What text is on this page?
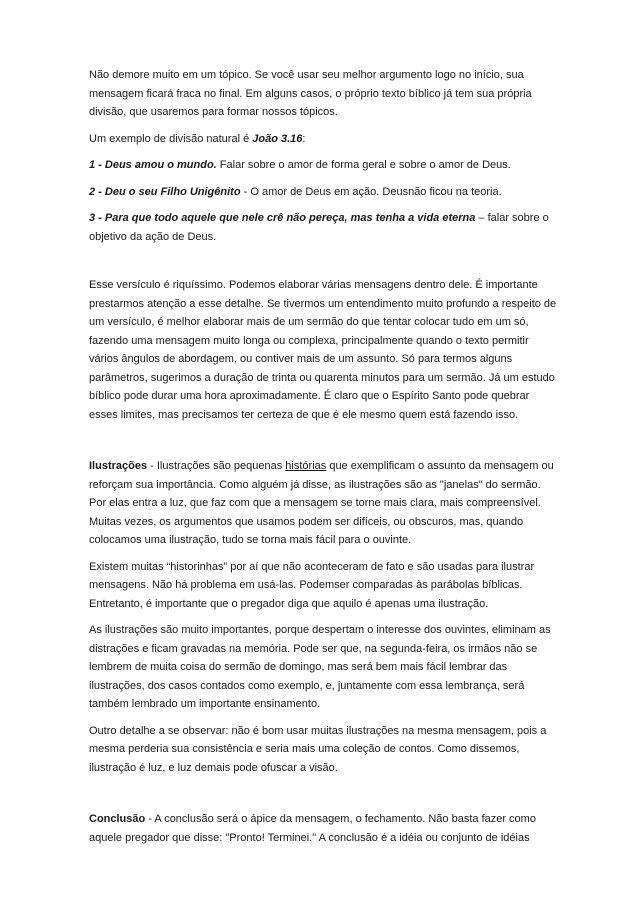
Não demore muito em um tópico. Se você usar seu melhor argumento logo no início, sua mensagem ficará fraca no final. Em alguns casos, o próprio texto bíblico já tem sua própria divisão, que usaremos para formar nossos tópicos.

Um exemplo de divisão natural é João 3.16:

1 - Deus amou o mundo. Falar sobre o amor de forma geral e sobre o amor de Deus.

2 - Deu o seu Filho Unigênito - O amor de Deus em ação. Deusnão ficou na teoria.

3 - Para que todo aquele que nele crê não pereça, mas tenha a vida eterna – falar sobre o objetivo da ação de Deus.

Esse versículo é riquíssimo. Podemos elaborar várias mensagens dentro dele. É importante prestarmos atenção a esse detalhe. Se tivermos um entendimento muito profundo a respeito de um versículo, é melhor elaborar mais de um sermão do que tentar colocar tudo em um só, fazendo uma mensagem muito longa ou complexa, principalmente quando o texto permitir vários ângulos de abordagem, ou contiver mais de um assunto. Só para termos alguns parâmetros, sugerimos a duração de trinta ou quarenta minutos para um sermão. Já um estudo bíblico pode durar uma hora aproximadamente. É claro que o Espírito Santo pode quebrar esses limites, mas precisamos ter certeza de que é ele mesmo quem está fazendo isso.

Ilustrações - Ilustrações são pequenas histórias que exemplificam o assunto da mensagem ou reforçam sua importância. Como alguém já disse, as ilustrações são as "janelas" do sermão. Por elas entra a luz, que faz com que a mensagem se torne mais clara, mais compreensível. Muitas vezes, os argumentos que usamos podem ser difíceis, ou obscuros, mas, quando colocamos uma ilustração, tudo se torna mais fácil para o ouvinte.

Existem muitas “historinhas” por aí que não aconteceram de fato e são usadas para ilustrar mensagens. Não há problema em usá-las. Podemser comparadas às parábolas bíblicas. Entretanto, é importante que o pregador diga que aquilo é apenas uma ilustração.

As ilustrações são muito importantes, porque despertam o interesse dos ouvintes, eliminam as distrações e ficam gravadas na memória. Pode ser que, na segunda-feira, os irmãos não se lembrem de muita coisa do sermão de domingo, mas será bem mais fácil lembrar das ilustrações, dos casos contados como exemplo, e, juntamente com essa lembrança, será também lembrado um importante ensinamento.

Outro detalhe a se observar: não é bom usar muitas ilustrações na mesma mensagem, pois a mesma perderia sua consistência e seria mais uma coleção de contos. Como dissemos, ilustração é luz, e luz demais pode ofuscar a visão.

Conclusão - A conclusão será o ápice da mensagem, o fechamento. Não basta fazer como aquele pregador que disse: "Pronto! Terminei." A conclusão é a idéia ou conjunto de idéias
